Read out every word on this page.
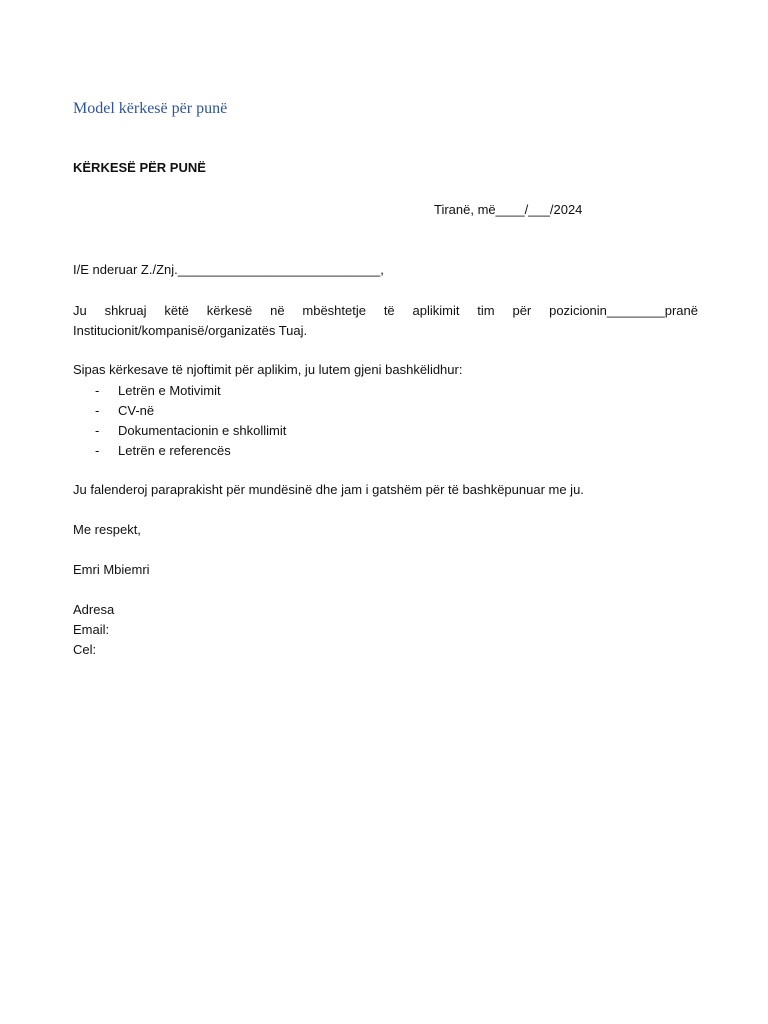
Model kërkesë për punë
KËRKESË PËR PUNË
Tiranë, më____/___/2024
I/E nderuar Z./Znj.____________________________,
Ju shkruaj këtë kërkesë në mbështetje të aplikimit tim për pozicionin________pranë
Institucionit/kompanisë/organizatës Tuaj.
Sipas kërkesave të njoftimit për aplikim, ju lutem gjeni bashkëlidhur:
- Letrën e Motivimit
- CV-në
- Dokumentacionin e shkollimit
- Letrën e referencës
Ju falenderoj paraprakisht për mundësinë dhe jam i gatshëm për të bashkëpunuar me ju.
Me respekt,
Emri Mbiemri
Adresa
Email:
Cel:
